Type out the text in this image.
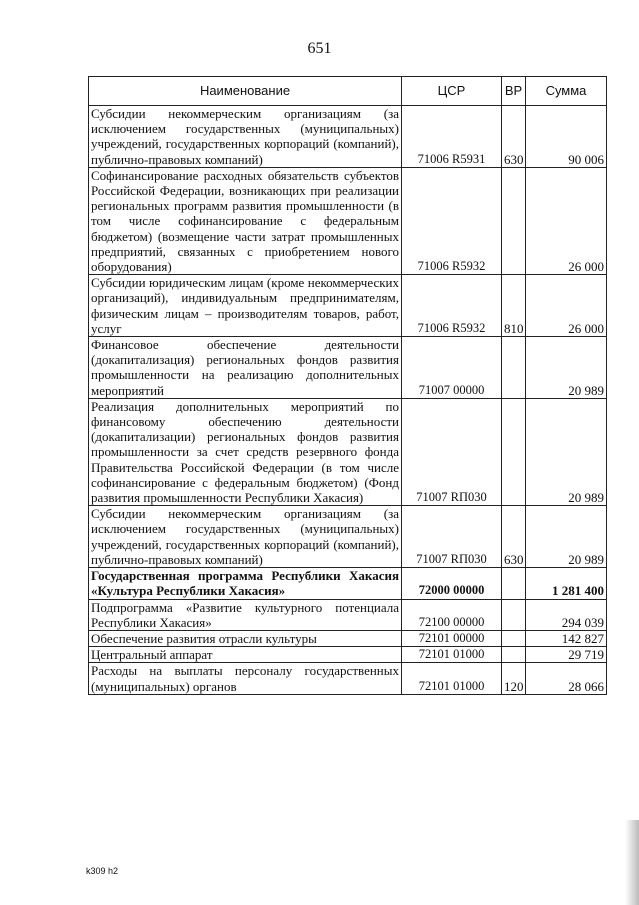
651
Наименование	ЦСР	ВР	Сумма
Субсидии некоммерческим организациям (за исключением государственных (муниципальных) учреждений, государственных корпораций (компаний), публично-правовых компаний)	71006 R5931	630	90 006
Софинансирование расходных обязательств субъектов Российской Федерации, возникающих при реализации региональных программ развития промышленности (в том числе софинансирование с федеральным бюджетом) (возмещение части затрат промышленных предприятий, связанных с приобретением нового оборудования)	71006 R5932		26 000
Субсидии юридическим лицам (кроме некоммерческих организаций), индивидуальным предпринимателям, физическим лицам – производителям товаров, работ, услуг	71006 R5932	810	26 000
Финансовое обеспечение деятельности (докапитализация) региональных фондов развития промышленности на реализацию дополнительных мероприятий	71007 00000		20 989
Реализация дополнительных мероприятий по финансовому обеспечению деятельности (докапитализации) региональных фондов развития промышленности за счет средств резервного фонда Правительства Российской Федерации (в том числе софинансирование с федеральным бюджетом) (Фонд развития промышленности Республики Хакасия)	71007 RП030		20 989
Субсидии некоммерческим организациям (за исключением государственных (муниципальных) учреждений, государственных корпораций (компаний), публично-правовых компаний)	71007 RП030	630	20 989
Государственная программа Республики Хакасия «Культура Республики Хакасия»	72000 00000		1 281 400
Подпрограмма «Развитие культурного потенциала Республики Хакасия»	72100 00000		294 039
Обеспечение развития отрасли культуры	72101 00000		142 827
Центральный аппарат	72101 01000		29 719
Расходы на выплаты персоналу государственных (муниципальных) органов	72101 01000	120	28 066
k309 h2
